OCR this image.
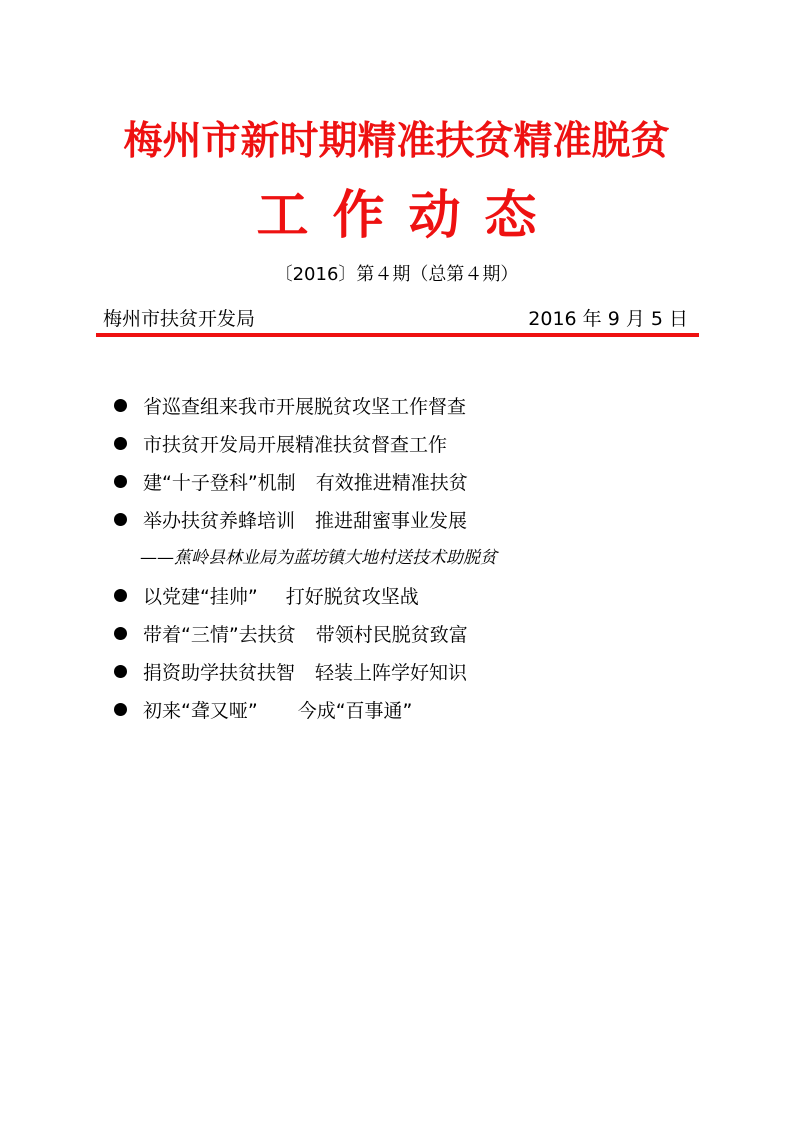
梅州市新时期精准扶贫精准脱贫
工作动态
〔2016〕第４期（总第４期）
梅州市扶贫开发局	2016 年 9 月 5 日
省巡查组来我市开展脱贫攻坚工作督查
市扶贫开发局开展精准扶贫督查工作
建“十子登科”机制 有效推进精准扶贫
举办扶贫养蜂培训 推进甜蜜事业发展
——蕉岭县林业局为蓝坊镇大地村送技术助脱贫
以党建“挂帅” 打好脱贫攻坚战
带着“三情”去扶贫 带领村民脱贫致富
捐资助学扶贫扶智 轻装上阵学好知识
初来“聋又哑” 今成“百事通”
